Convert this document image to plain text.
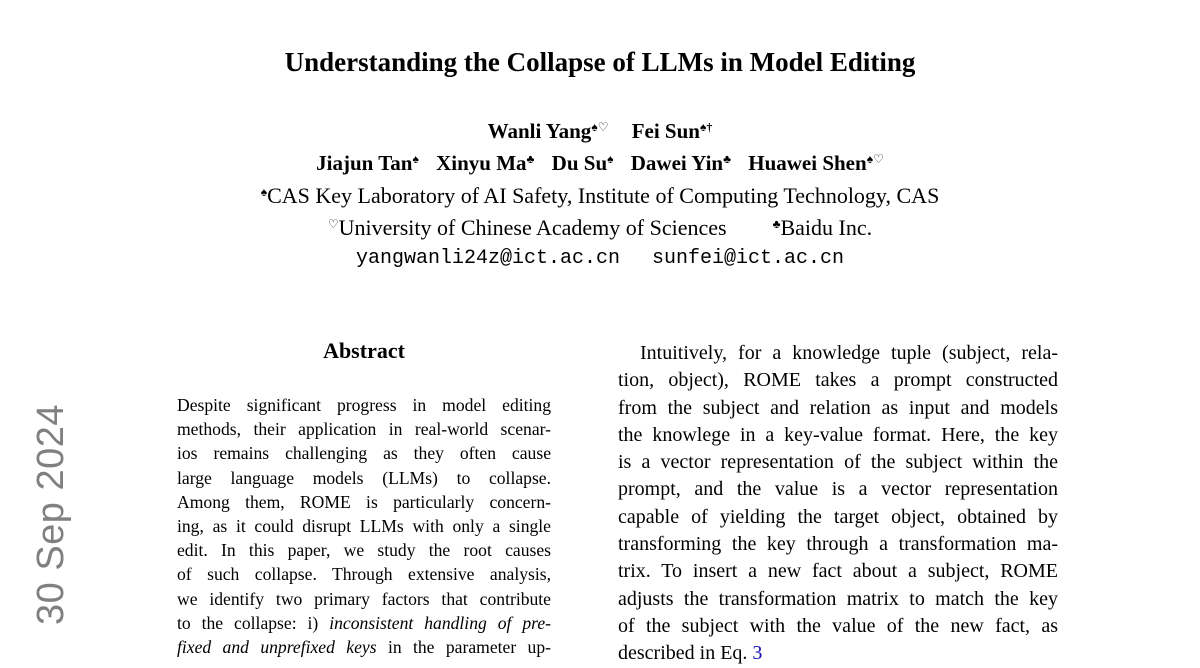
30 Sep 2024
Understanding the Collapse of LLMs in Model Editing
Wanli Yang♠♡ Fei Sun♠†
Jiajun Tan♠ Xinyu Ma♣ Du Su♠ Dawei Yin♣ Huawei Shen♠♡
♠CAS Key Laboratory of AI Safety, Institute of Computing Technology, CAS
♡University of Chinese Academy of Sciences	♣Baidu Inc.
yangwanli24z@ict.ac.cn sunfei@ict.ac.cn
Abstract
Despite significant progress in model editing
methods, their application in real-world scenar-
ios remains challenging as they often cause
large language models (LLMs) to collapse.
Among them, ROME is particularly concern-
ing, as it could disrupt LLMs with only a single
edit. In this paper, we study the root causes
of such collapse. Through extensive analysis,
we identify two primary factors that contribute
to the collapse: i) inconsistent handling of pre-
fixed and unprefixed keys in the parameter up-
Intuitively, for a knowledge tuple (subject, rela-
tion, object), ROME takes a prompt constructed
from the subject and relation as input and models
the knowlege in a key-value format. Here, the key
is a vector representation of the subject within the
prompt, and the value is a vector representation
capable of yielding the target object, obtained by
transforming the key through a transformation ma-
trix. To insert a new fact about a subject, ROME
adjusts the transformation matrix to match the key
of the subject with the value of the new fact, as
described in Eq. 3
